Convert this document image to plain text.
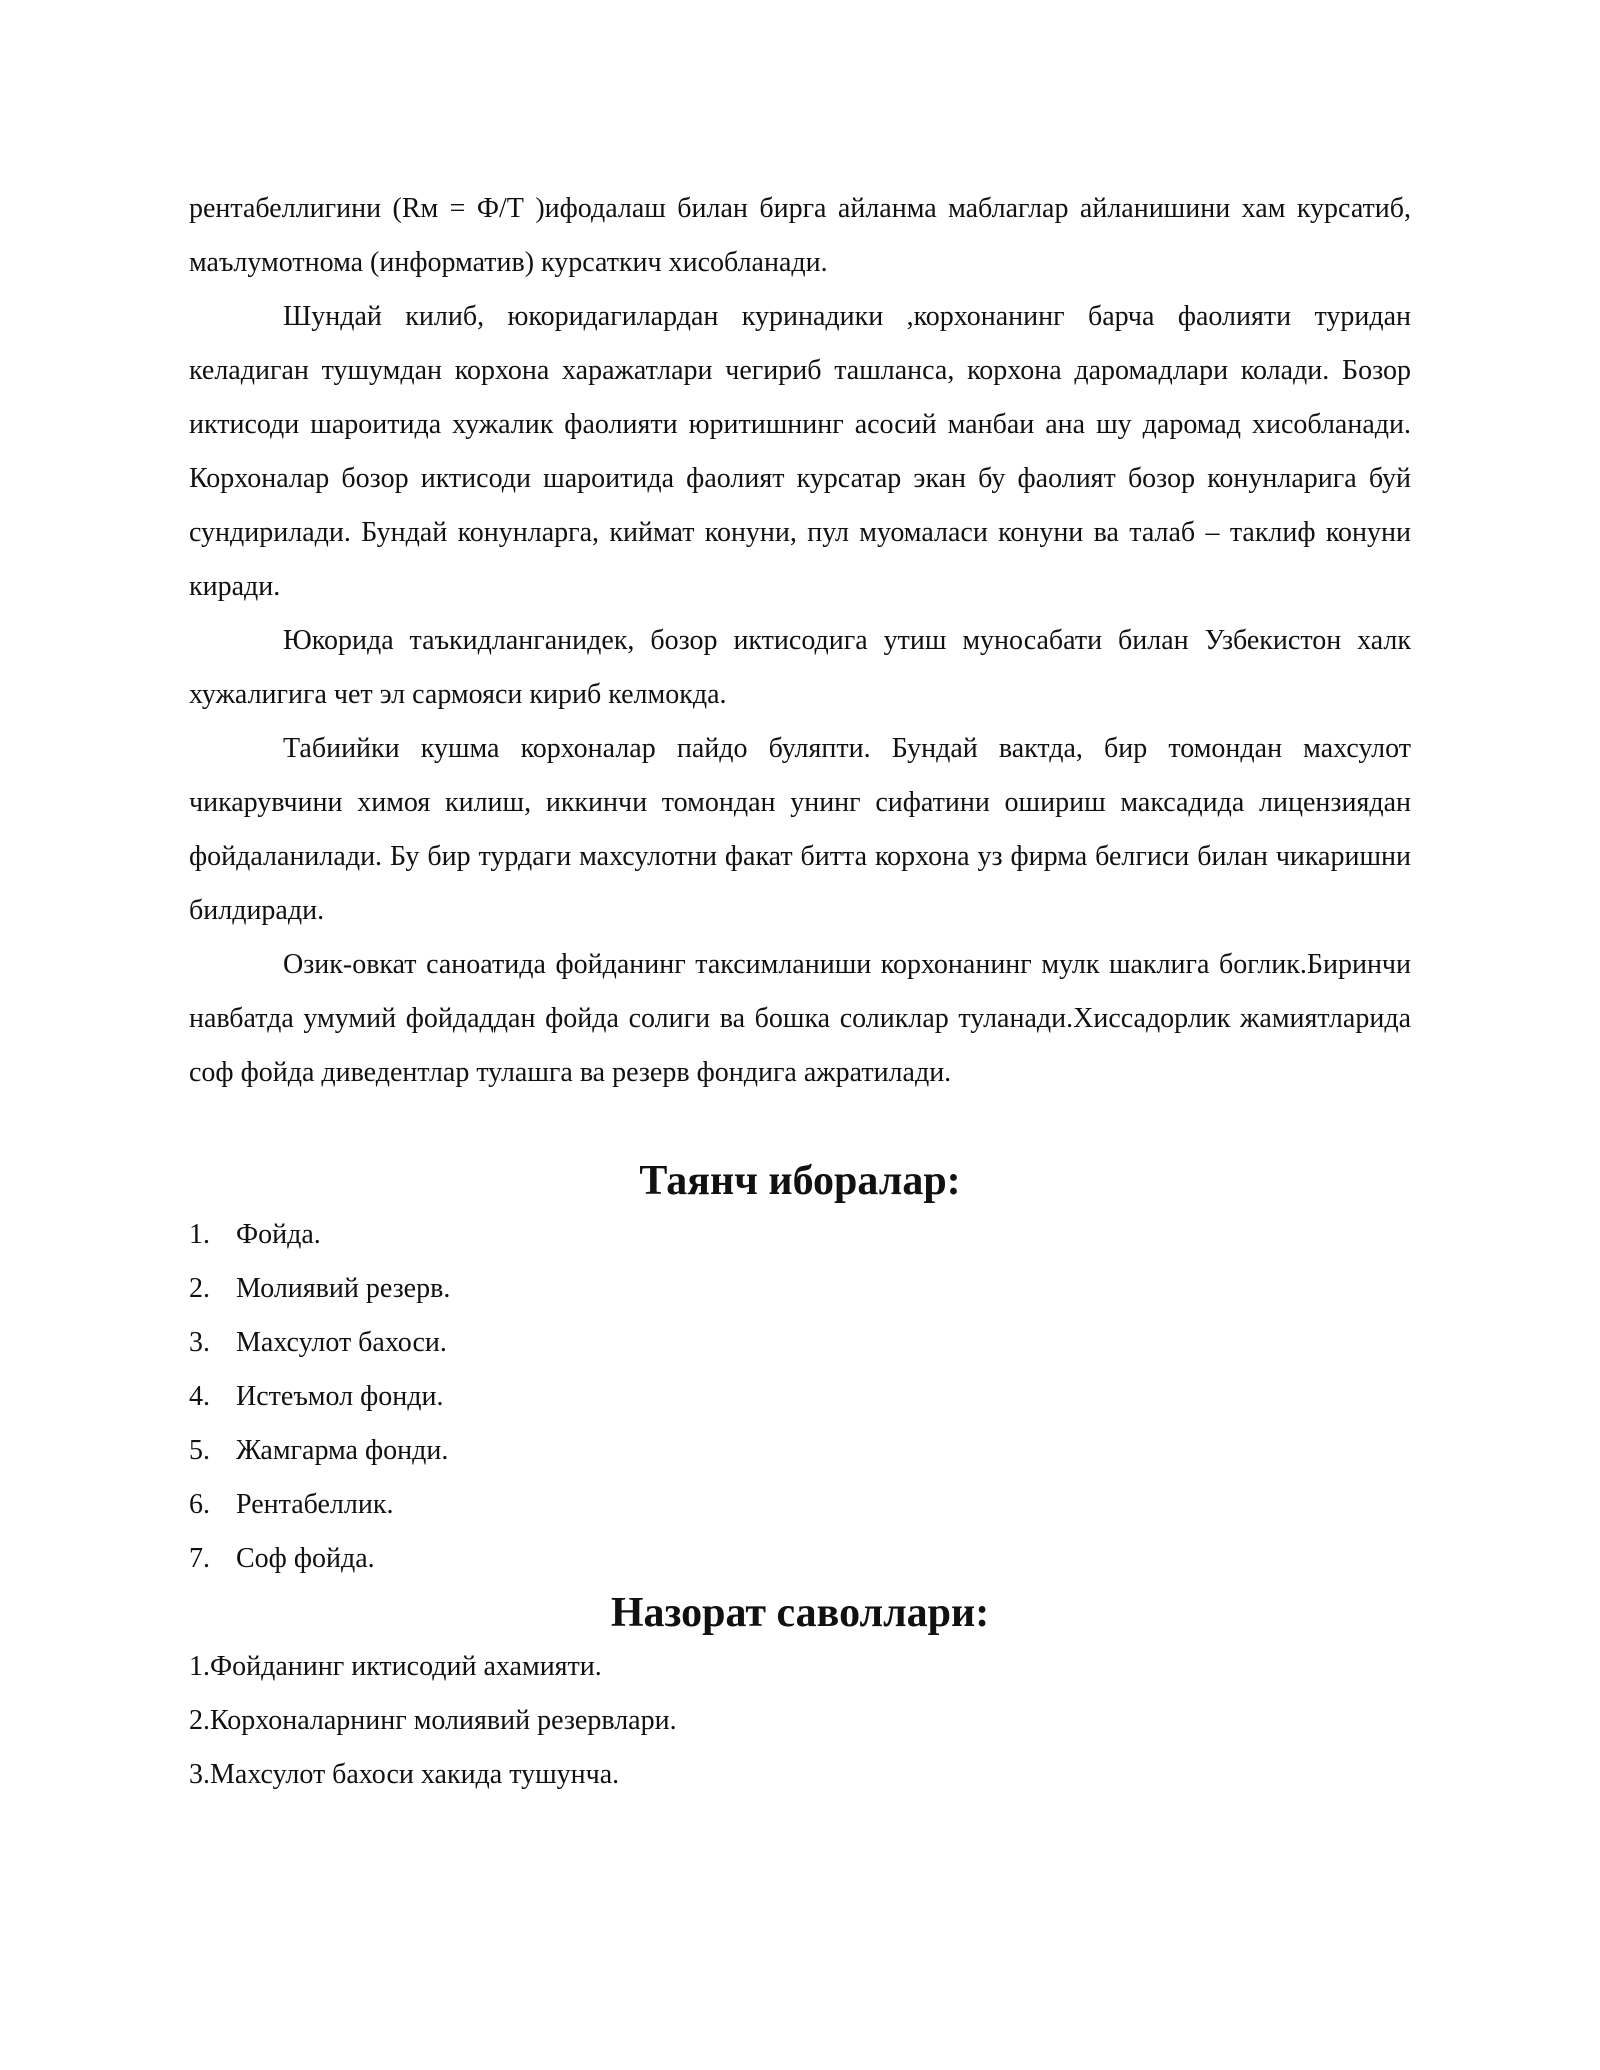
рентабеллигини (Rм = Ф/Т )ифодалаш билан бирга айланма маблаглар айланишини хам курсатиб, маълумотнома (информатив) курсаткич хисобланади.

Шундай килиб, юкоридагилардан куринадики ,корхонанинг барча фаолияти туридан келадиган тушумдан корхона харажатлари чегириб ташланса, корхона даромадлари колади. Бозор иктисоди шароитида хужалик фаолияти юритишнинг асосий манбаи ана шу даромад хисобланади. Корхоналар бозор иктисоди шароитида фаолият курсатар экан бу фаолият бозор конунларига буй сундирилади. Бундай конунларга, киймат конуни, пул муомаласи конуни ва талаб – таклиф конуни киради.

Юкорида таъкидланганидек, бозор иктисодига утиш муносабати билан Узбекистон халк хужалигига чет эл сармояси кириб келмокда.

Табиийки кушма корхоналар пайдо буляпти. Бундай вактда, бир томондан махсулот чикарувчини химоя килиш, иккинчи томондан унинг сифатини ошириш максадида лицензиядан фойдаланилади. Бу бир турдаги махсулотни факат битта корхона уз фирма белгиси билан чикаришни билдиради.

Озик-овкат саноатида фойданинг таксимланиши корхонанинг мулк шаклига боглик.Биринчи навбатда умумий фойдаддан фойда солиги ва бошка соликлар туланади.Хиссадорлик жамиятларида соф фойда диведентлар тулашга ва резерв фондига ажратилади.

Таянч иборалар:
1. Фойда.
2. Молиявий резерв.
3. Махсулот бахоси.
4. Истеъмол фонди.
5. Жамгарма фонди.
6. Рентабеллик.
7. Соф фойда.
Назорат саволлари:

1.Фойданинг иктисодий ахамияти.

2.Корхоналарнинг молиявий резервлари.

3.Махсулот бахоси хакида тушунча.
